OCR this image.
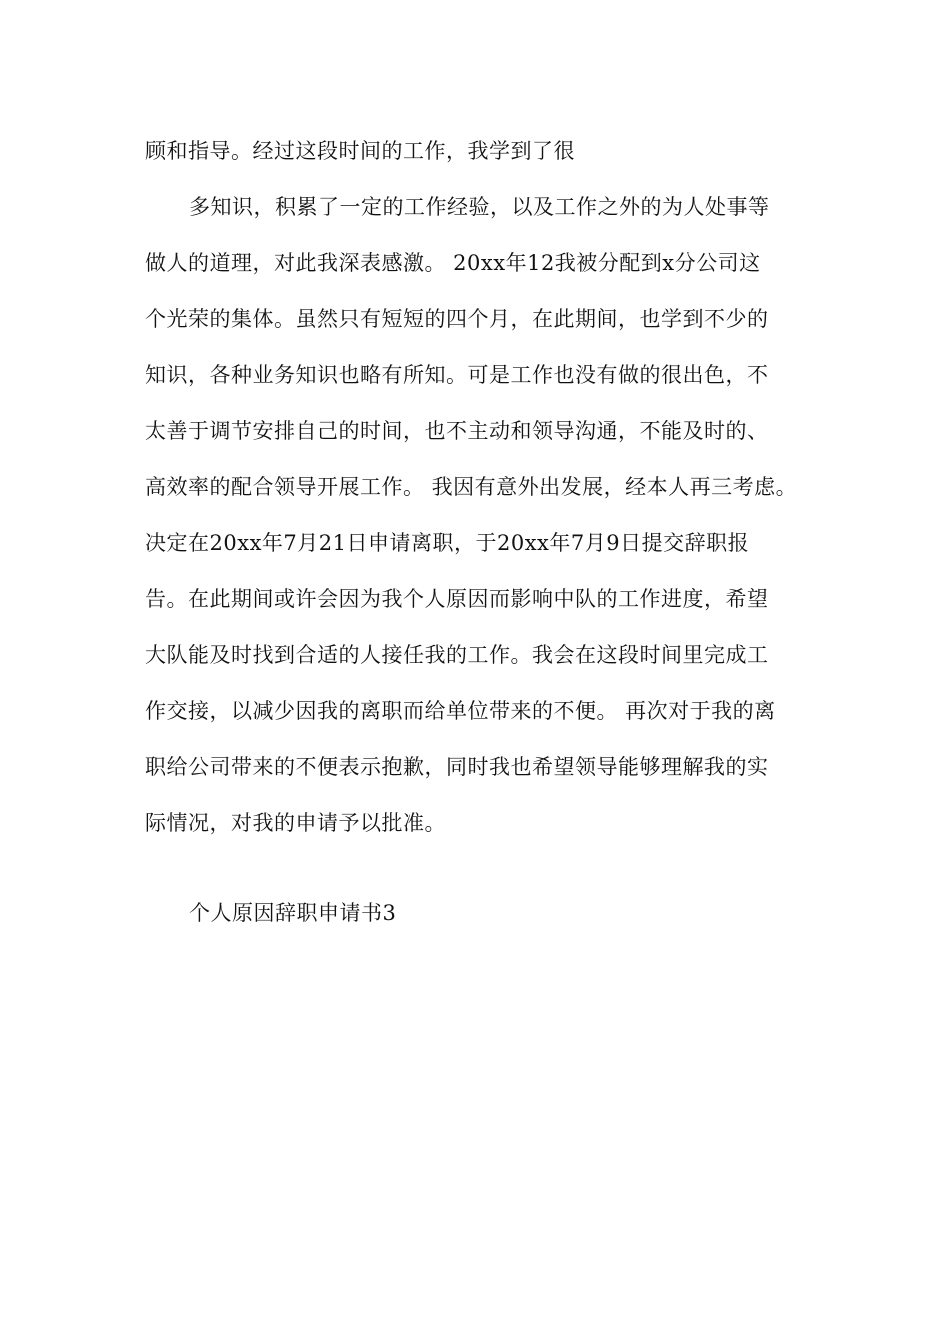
顾和指导。经过这段时间的工作，我学到了很
多知识，积累了一定的工作经验，以及工作之外的为人处事等
做人的道理，对此我深表感激。 20xx年12我被分配到x分公司这
个光荣的集体。虽然只有短短的四个月，在此期间，也学到不少的
知识，各种业务知识也略有所知。可是工作也没有做的很出色，不
太善于调节安排自己的时间，也不主动和领导沟通，不能及时的、
高效率的配合领导开展工作。 我因有意外出发展，经本人再三考虑。
决定在20xx年7月21日申请离职，于20xx年7月9日提交辞职报
告。在此期间或许会因为我个人原因而影响中队的工作进度，希望
大队能及时找到合适的人接任我的工作。我会在这段时间里完成工
作交接，以减少因我的离职而给单位带来的不便。 再次对于我的离
职给公司带来的不便表示抱歉，同时我也希望领导能够理解我的实
际情况，对我的申请予以批准。
个人原因辞职申请书3
